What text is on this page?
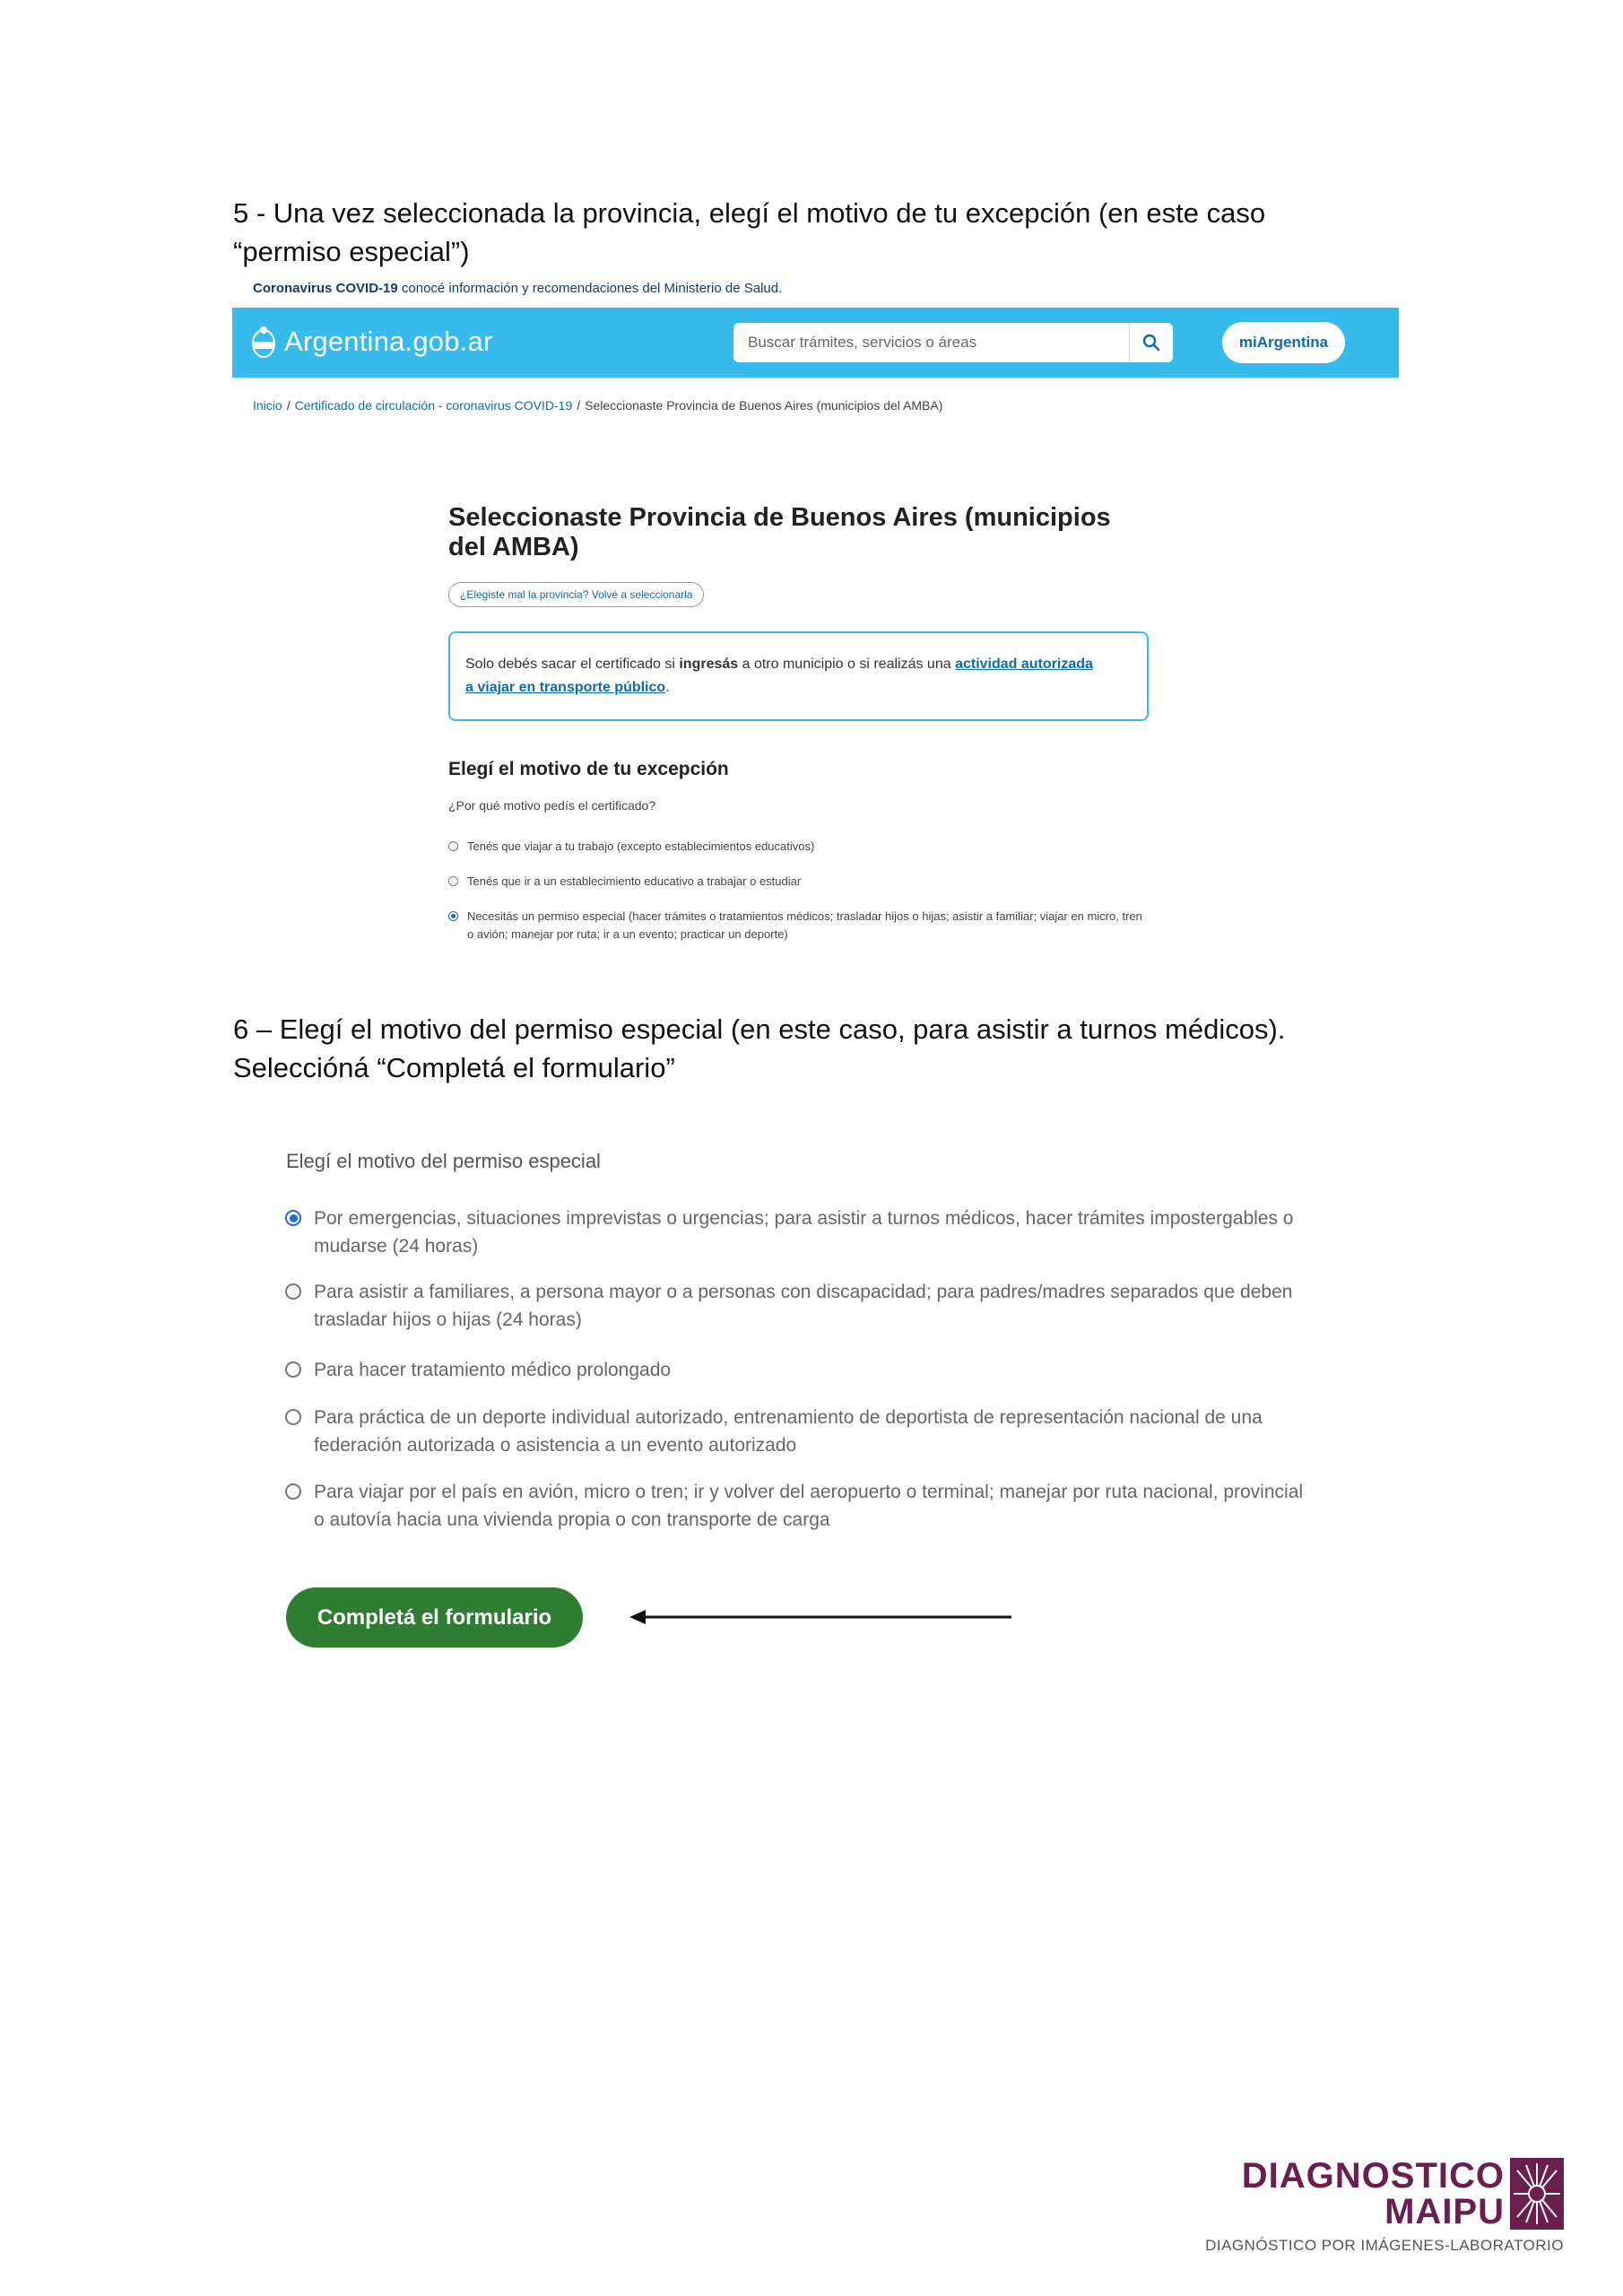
5 - Una vez seleccionada la provincia, elegí el motivo de tu excepción (en este caso
“permiso especial”)
Coronavirus COVID-19 conocé información y recomendaciones del Ministerio de Salud.
Argentina.gob.ar	Buscar trámites, servicios o áreas	miArgentina
Inicio / Certificado de circulación - coronavirus COVID-19 / Seleccionaste Provincia de Buenos Aires (municipios del AMBA)
Seleccionaste Provincia de Buenos Aires (municipios del AMBA)
¿Elegiste mal la provincia? Volvé a seleccionarla
Solo debés sacar el certificado si ingresás a otro municipio o si realizás una actividad autorizada a viajar en transporte público.
Elegí el motivo de tu excepción
¿Por qué motivo pedís el certificado?
Tenés que viajar a tu trabajo (excepto establecimientos educativos)
Tenés que ir a un establecimiento educativo a trabajar o estudiar
Necesitás un permiso especial (hacer trámites o tratamientos médicos; trasladar hijos o hijas; asistir a familiar; viajar en micro, tren o avión; manejar por ruta; ir a un evento; practicar un deporte)
6 – Elegí el motivo del permiso especial (en este caso, para asistir a turnos médicos).
Seleccióná “Completá el formulario”
Elegí el motivo del permiso especial
Por emergencias, situaciones imprevistas o urgencias; para asistir a turnos médicos, hacer trámites impostergables o mudarse (24 horas)
Para asistir a familiares, a persona mayor o a personas con discapacidad; para padres/madres separados que deben trasladar hijos o hijas (24 horas)
Para hacer tratamiento médico prolongado
Para práctica de un deporte individual autorizado, entrenamiento de deportista de representación nacional de una federación autorizada o asistencia a un evento autorizado
Para viajar por el país en avión, micro o tren; ir y volver del aeropuerto o terminal; manejar por ruta nacional, provincial o autovía hacia una vivienda propia o con transporte de carga
Completá el formulario
DIAGNOSTICO
MAIPU
DIAGNÓSTICO POR IMÁGENES-LABORATORIO
